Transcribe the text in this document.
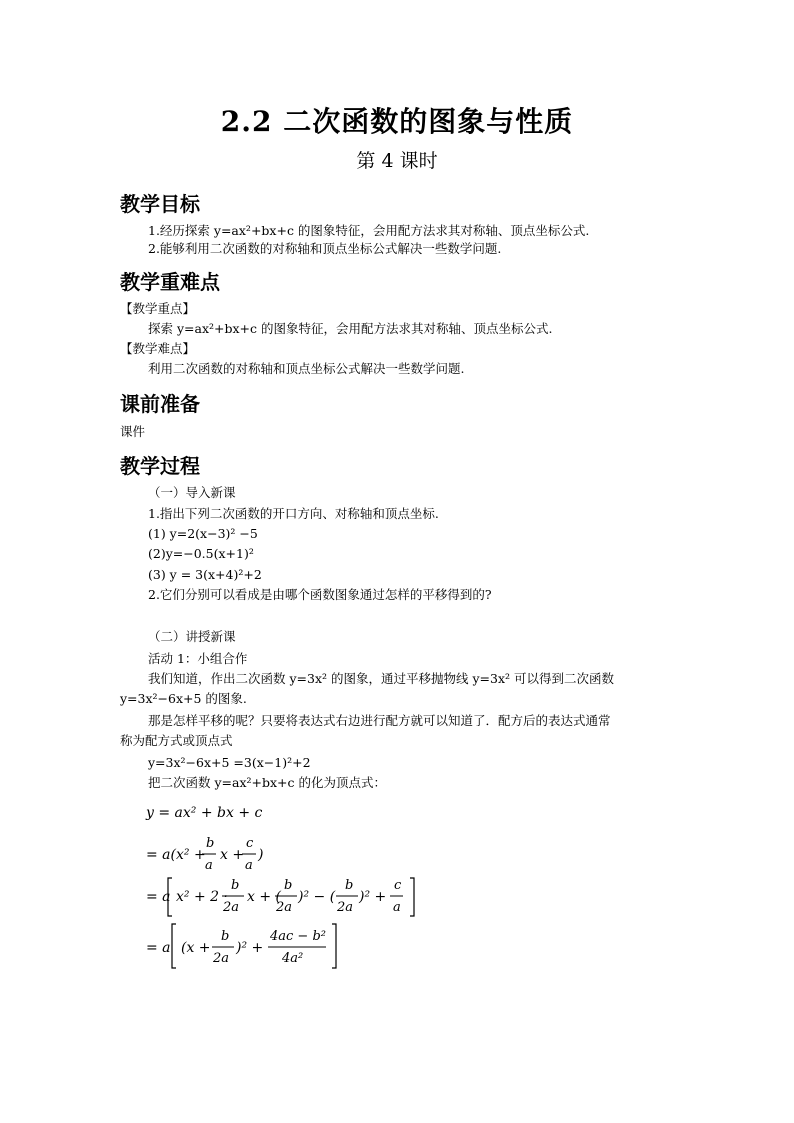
2.2 二次函数的图象与性质
第 4 课时
教学目标
1.经历探索 y=ax²+bx+c 的图象特征，会用配方法求其对称轴、顶点坐标公式.
2.能够利用二次函数的对称轴和顶点坐标公式解决一些数学问题.
教学重难点
【教学重点】
探索 y=ax²+bx+c 的图象特征，会用配方法求其对称轴、顶点坐标公式.
【教学难点】
利用二次函数的对称轴和顶点坐标公式解决一些数学问题.
课前准备
课件
教学过程
（一）导入新课
1.指出下列二次函数的开口方向、对称轴和顶点坐标.
(1) y=2(x−3)² −5
(2)y=−0.5(x+1)²
(3) y = 3(x+4)²+2
2.它们分别可以看成是由哪个函数图象通过怎样的平移得到的?
（二）讲授新课
活动 1：小组合作
我们知道，作出二次函数 y=3x² 的图象，通过平移抛物线 y=3x² 可以得到二次函数
y=3x²−6x+5 的图象.
那是怎样平移的呢？只要将表达式右边进行配方就可以知道了．配方后的表达式通常
称为配方式或顶点式
y=3x²−6x+5 =3(x−1)²+2
把二次函数 y=ax²+bx+c 的化为顶点式：
y = ax² + bx + c
= a(x² +
b
a
x +
c
a
)
= a x² + 2 ·
b
2a
x + (
b
2a
)² − (
b
2a
)² +
c
a
= a (x +
b
2a
)² +
4ac − b²
4a²
